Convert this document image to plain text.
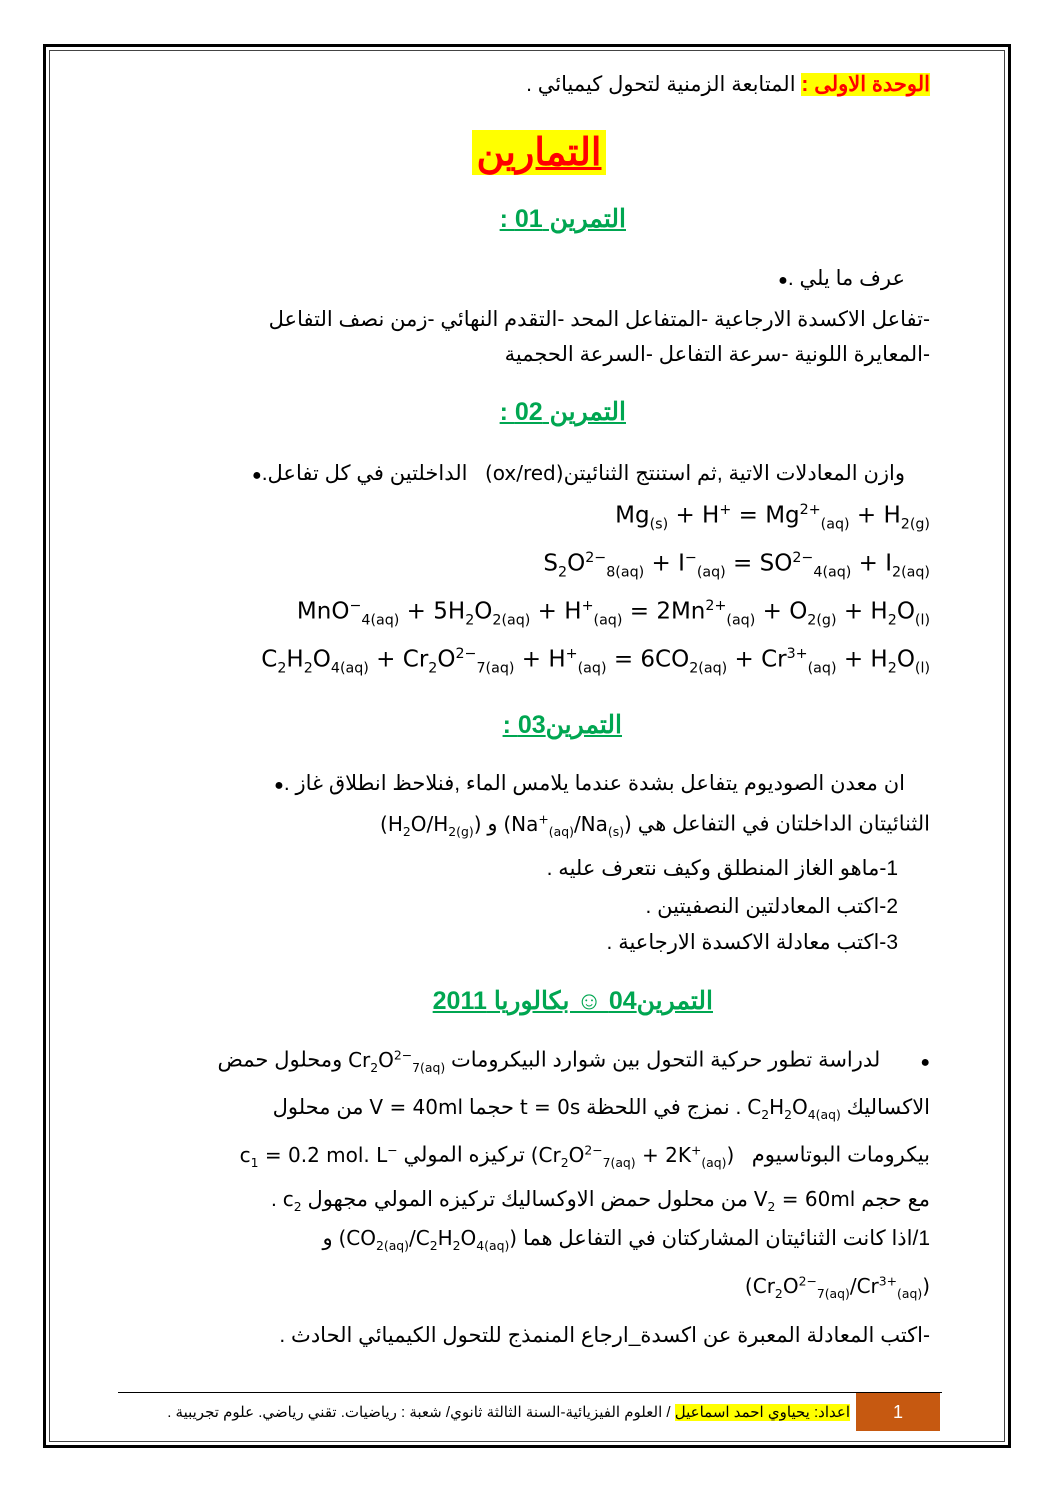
الوحدة الاولى : المتابعة الزمنية لتحول كيميائي .
التمارين
التمرين 01 :
عرف ما يلي .●
-تفاعل الاكسدة الارجاعية -المتفاعل المحد -التقدم النهائي -زمن نصف التفاعل
-المعايرة اللونية -سرعة التفاعل -السرعة الحجمية
التمرين 02 :
وازن المعادلات الاتية ,ثم استنتج الثنائيتن(ox/red)   الداخلتين في كل تفاعل.●
$Mg_{(s)} + H^+ = Mg^{2+}_{(aq)} + H_{2(g)}$
$S_2O^{2-}_{8(aq)} + I^-_{(aq)} = SO^{2-}_{4(aq)} + I_{2(aq)}$
$MnO^-_{4(aq)} + 5H_2O_{2(aq)} + H^+_{(aq)} = 2Mn^{2+}_{(aq)} + O_{2(g)} + H_2O_{(l)}$
$C_2H_2O_{4(aq)} + Cr_2O^{2-}_{7(aq)} + H^+_{(aq)} = 6CO_{2(aq)} + Cr^{3+}_{(aq)} + H_2O_{(l)}$
التمرين03 :
ان معدن الصوديوم يتفاعل بشدة عندما يلامس الماء ,فنلاحظ انطلاق غاز .●
الثنائيتان الداخلتان في التفاعل هي $(Na^+_{(aq)}/Na_{(s)})$ و $(H_2O/H_{2(g)})$
1-ماهو الغاز المنطلق وكيف نتعرف عليه .
2-اكتب المعادلتين النصفيتين .
3-اكتب معادلة الاكسدة الارجاعية .
التمرين04 ☺ بكالوريا 2011
●لدراسة تطور حركية التحول بين شوارد البيكرومات $Cr_2O^{2-}_{7(aq)}$ ومحلول حمض
الاكساليك $C_2H_2O_{4(aq)}$ . نمزج في اللحظة t = 0s حجما V = 40ml من محلول
بيكرومات البوتاسيوم   $(Cr_2O^{2-}_{7(aq)} + 2K^+_{(aq)})$ تركيزه المولي $c_1 = 0.2$ mol. L−
مع حجم $V_2 = 60ml$ من محلول حمض الاوكساليك تركيزه المولي مجهول $c_2$ .
1/اذا كانت الثنائيتان المشاركتان في التفاعل هما $(CO_{2(aq)}/C_2H_2O_{4(aq)})$ و
$(Cr_2O^{2-}_{7(aq)}/Cr^{3+}_{(aq)})$
-اكتب المعادلة المعبرة عن اكسدة_ارجاع المنمذج للتحول الكيميائي الحادث .
1
اعداد: يحياوي احمد اسماعيل / العلوم الفيزيائية-السنة الثالثة ثانوي/ شعبة : رياضيات. تقني رياضي. علوم تجريبية .
